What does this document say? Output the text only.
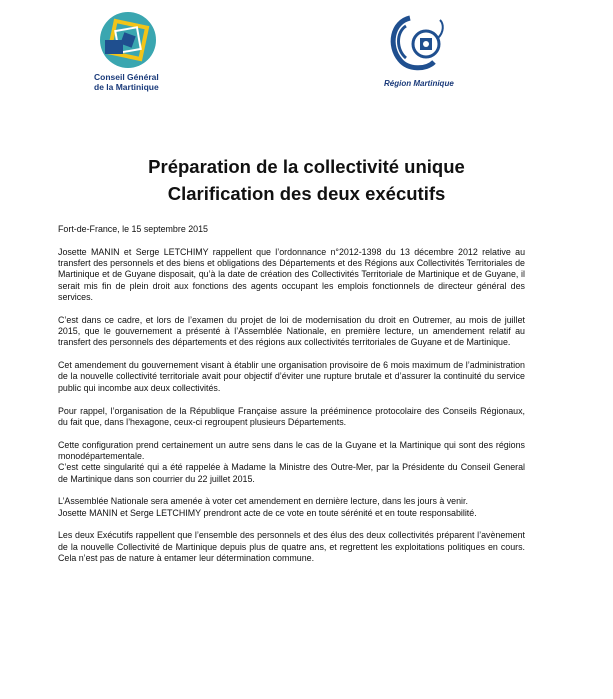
Conseil Général
de la Martinique	Région Martinique
Préparation de la collectivité unique
Clarification des deux exécutifs

Fort-de-France, le 15 septembre 2015

Josette MANIN et Serge LETCHIMY rappellent que l’ordonnance n°2012-1398 du 13 décembre 2012 relative au transfert des personnels et des biens et obligations des Départements et des Régions aux Collectivités Territoriales de Martinique et de Guyane disposait, qu’à la date de création des Collectivités Territoriale de Martinique et de Guyane, il serait mis fin de plein droit aux fonctions des agents occupant les emplois fonctionnels de directeur général des services.

C’est dans ce cadre, et lors de l’examen du projet de loi de modernisation du droit en Outremer, au mois de juillet 2015, que le gouvernement a présenté à l’Assemblée Nationale, en première lecture, un amendement relatif au transfert des personnels des départements et des régions aux collectivités territoriales de Guyane et de Martinique.

Cet amendement du gouvernement visant à établir une organisation provisoire de 6 mois maximum de l’administration de la nouvelle collectivité territoriale avait pour objectif d’éviter une rupture brutale et d’assurer la continuité du service public qui incombe aux deux collectivités.

Pour rappel, l’organisation de la République Française assure la prééminence protocolaire des Conseils Régionaux, du fait que, dans l’hexagone, ceux-ci regroupent plusieurs Départements.

Cette configuration prend certainement un autre sens dans le cas de la Guyane et la Martinique qui sont des régions monodépartementale.

C’est cette singularité qui a été rappelée à Madame la Ministre des Outre-Mer, par la Présidente du Conseil General de Martinique dans son courrier du 22 juillet 2015.

L’Assemblée Nationale sera amenée à voter cet amendement en dernière lecture, dans les jours à venir.

Josette MANIN et Serge LETCHIMY prendront acte de ce vote en toute sérénité et en toute responsabilité.

Les deux Exécutifs rappellent que l’ensemble des personnels et des élus des deux collectivités préparent l’avènement de la nouvelle Collectivité de Martinique depuis plus de quatre ans, et regrettent les exploitations politiques en cours. Cela n’est pas de nature à entamer leur détermination commune.
